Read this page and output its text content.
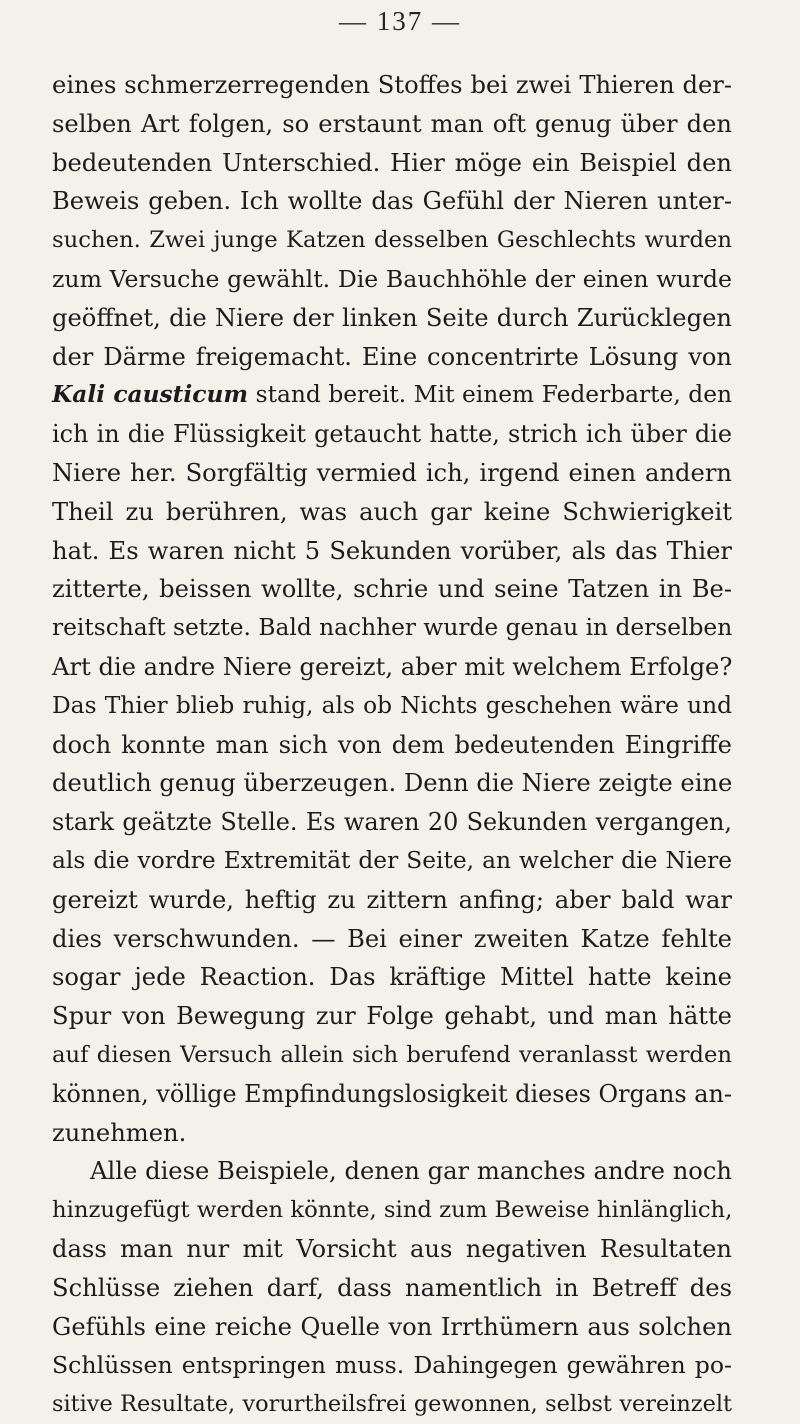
— 137 —
eines schmerzerregenden Stoffes bei zwei Thieren der-
selben Art folgen, so erstaunt man oft genug über den
bedeutenden Unterschied. Hier möge ein Beispiel den
Beweis geben. Ich wollte das Gefühl der Nieren unter-
suchen. Zwei junge Katzen desselben Geschlechts wurden
zum Versuche gewählt. Die Bauchhöhle der einen wurde
geöffnet, die Niere der linken Seite durch Zurücklegen
der Därme freigemacht. Eine concentrirte Lösung von
Kali causticum stand bereit. Mit einem Federbarte, den
ich in die Flüssigkeit getaucht hatte, strich ich über die
Niere her. Sorgfältig vermied ich, irgend einen andern
Theil zu berühren, was auch gar keine Schwierigkeit
hat. Es waren nicht 5 Sekunden vorüber, als das Thier
zitterte, beissen wollte, schrie und seine Tatzen in Be-
reitschaft setzte. Bald nachher wurde genau in derselben
Art die andre Niere gereizt, aber mit welchem Erfolge?
Das Thier blieb ruhig, als ob Nichts geschehen wäre und
doch konnte man sich von dem bedeutenden Eingriffe
deutlich genug überzeugen. Denn die Niere zeigte eine
stark geätzte Stelle. Es waren 20 Sekunden vergangen,
als die vordre Extremität der Seite, an welcher die Niere
gereizt wurde, heftig zu zittern anfing; aber bald war
dies verschwunden. — Bei einer zweiten Katze fehlte
sogar jede Reaction. Das kräftige Mittel hatte keine
Spur von Bewegung zur Folge gehabt, und man hätte
auf diesen Versuch allein sich berufend veranlasst werden
können, völlige Empfindungslosigkeit dieses Organs an-
zunehmen.
Alle diese Beispiele, denen gar manches andre noch
hinzugefügt werden könnte, sind zum Beweise hinlänglich,
dass man nur mit Vorsicht aus negativen Resultaten
Schlüsse ziehen darf, dass namentlich in Betreff des
Gefühls eine reiche Quelle von Irrthümern aus solchen
Schlüssen entspringen muss. Dahingegen gewähren po-
sitive Resultate, vorurtheilsfrei gewonnen, selbst vereinzelt
